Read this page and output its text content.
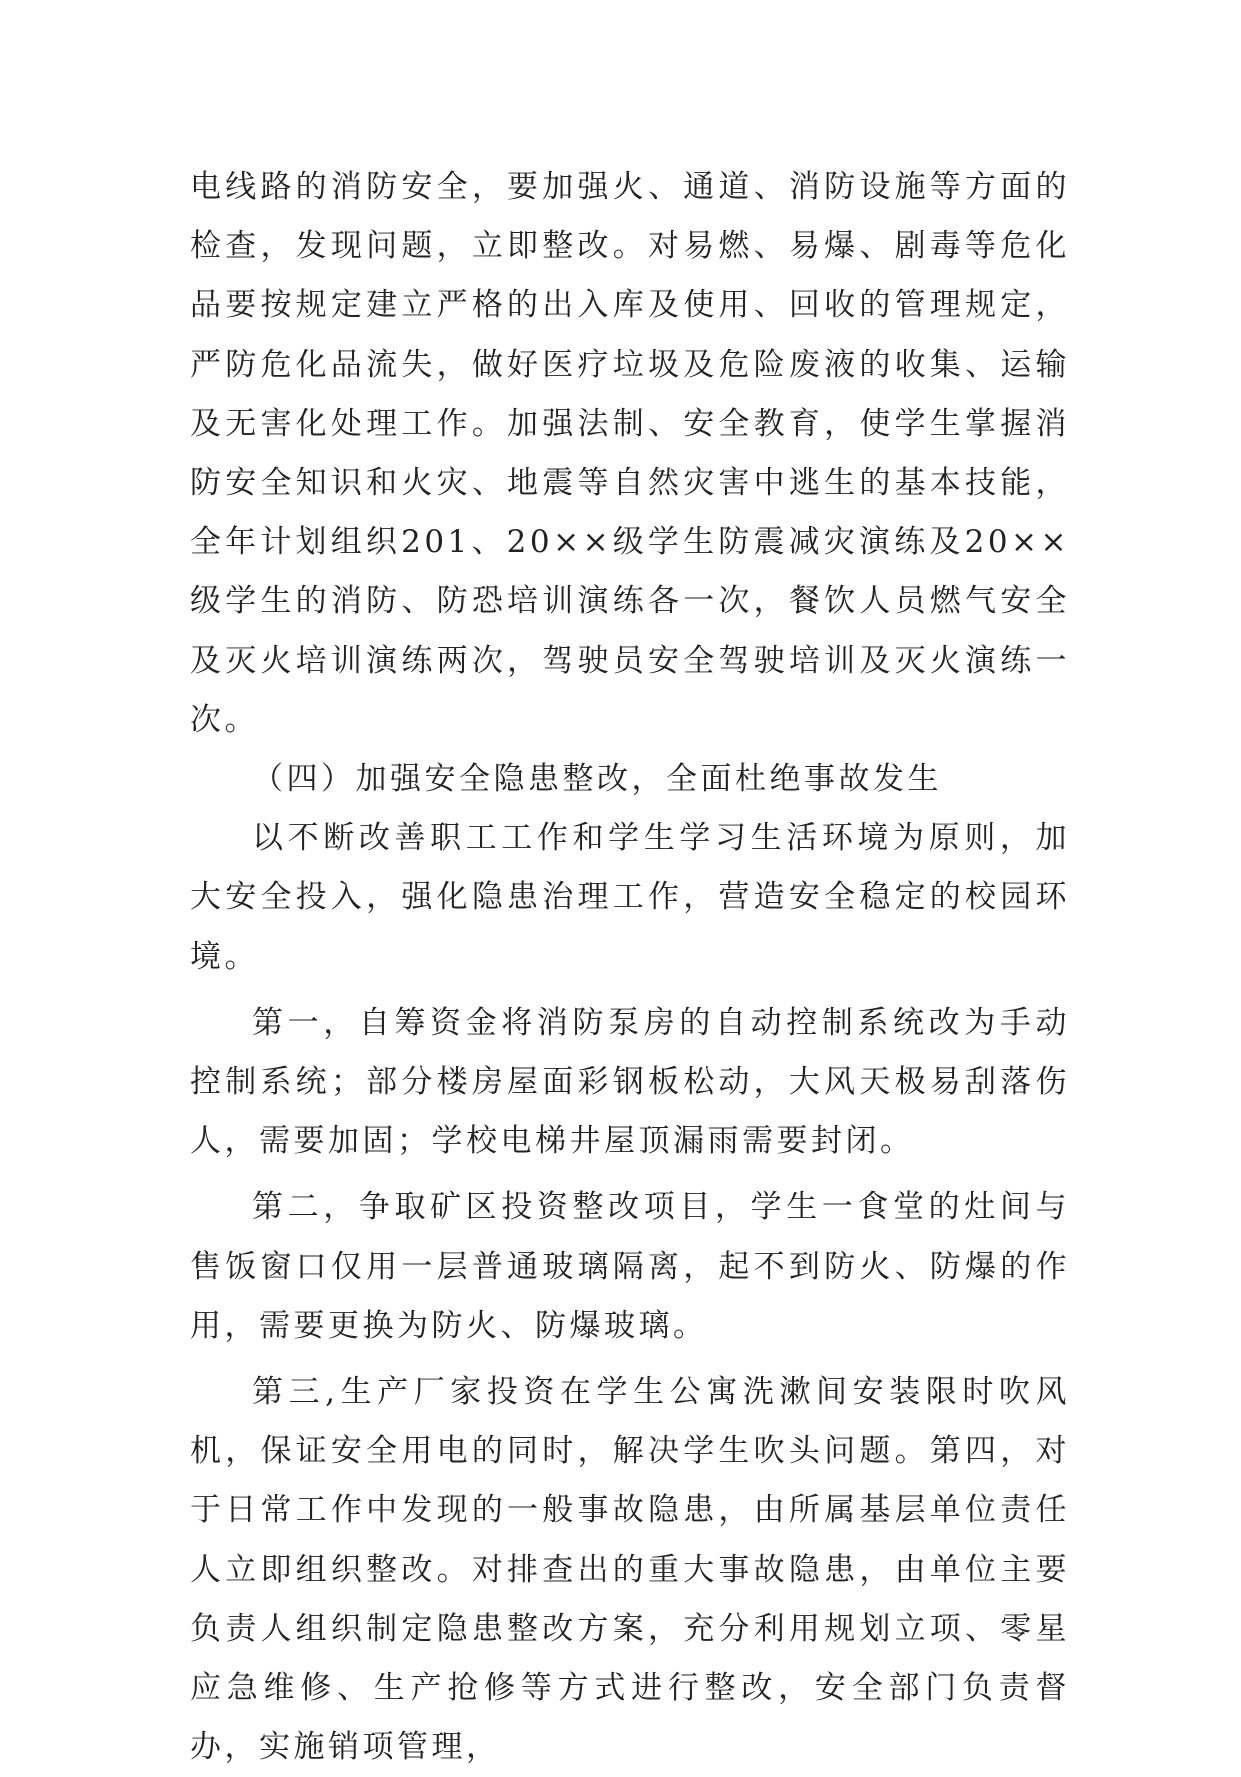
电线路的消防安全，要加强火、通道、消防设施等方面的检查，发现问题，立即整改。对易燃、易爆、剧毒等危化品要按规定建立严格的出入库及使用、回收的管理规定，严防危化品流失，做好医疗垃圾及危险废液的收集、运输及无害化处理工作。加强法制、安全教育，使学生掌握消防安全知识和火灾、地震等自然灾害中逃生的基本技能，全年计划组织201、20××级学生防震减灾演练及20××级学生的消防、防恐培训演练各一次，餐饮人员燃气安全及灭火培训演练两次，驾驶员安全驾驶培训及灭火演练一次。

（四）加强安全隐患整改，全面杜绝事故发生

以不断改善职工工作和学生学习生活环境为原则，加大安全投入，强化隐患治理工作，营造安全稳定的校园环境。

第一，自筹资金将消防泵房的自动控制系统改为手动控制系统；部分楼房屋面彩钢板松动，大风天极易刮落伤人，需要加固；学校电梯井屋顶漏雨需要封闭。

第二，争取矿区投资整改项目，学生一食堂的灶间与售饭窗口仅用一层普通玻璃隔离，起不到防火、防爆的作用，需要更换为防火、防爆玻璃。

第三,生产厂家投资在学生公寓洗漱间安装限时吹风机，保证安全用电的同时，解决学生吹头问题。第四，对于日常工作中发现的一般事故隐患，由所属基层单位责任人立即组织整改。对排查出的重大事故隐患，由单位主要负责人组织制定隐患整改方案，充分利用规划立项、零星应急维修、生产抢修等方式进行整改，安全部门负责督办，实施销项管理，
